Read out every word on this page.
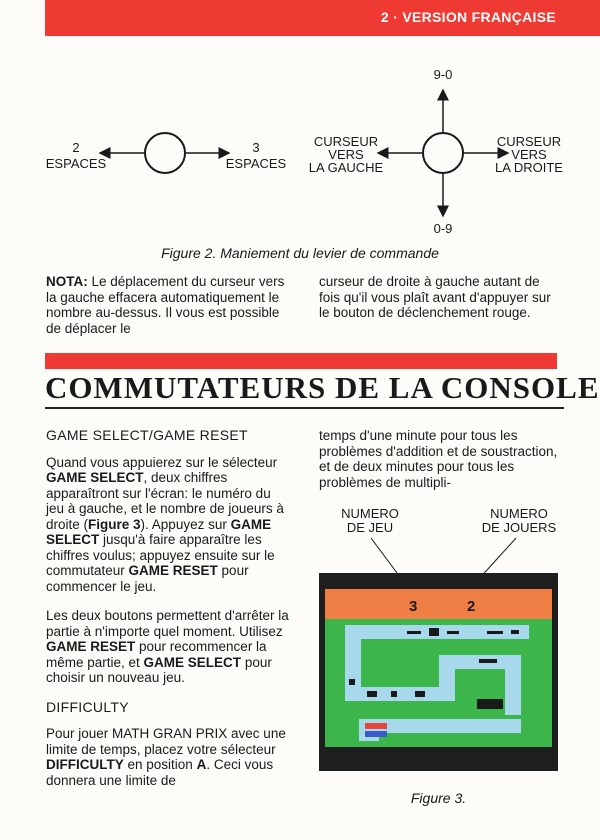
2 · VERSION FRANÇAISE
2
ESPACES
3
ESPACES
9-0
0-9
CURSEUR
VERS
LA GAUCHE
CURSEUR
VERS
LA DROITE
Figure 2. Maniement du levier de commande
NOTA: Le déplacement du curseur vers la gauche effacera automatiquement le nombre au-dessus. Il vous est possible de déplacer le
curseur de droite à gauche autant de fois qu'il vous plaît avant d'appuyer sur le bouton de déclenchement rouge.
COMMUTATEURS DE LA CONSOLE
GAME SELECT/GAME RESET

Quand vous appuierez sur le sélecteur GAME SELECT, deux chiffres apparaîtront sur l'écran: le numéro du jeu à gauche, et le nombre de joueurs à droite (Figure 3). Appuyez sur GAME SELECT jusqu'à faire apparaître les chiffres voulus; appuyez ensuite sur le commutateur GAME RESET pour commencer le jeu.

Les deux boutons permettent d'arrêter la partie à n'importe quel moment. Utilisez GAME RESET pour recommencer la même partie, et GAME SELECT pour choisir un nouveau jeu.

DIFFICULTY

Pour jouer MATH GRAN PRIX avec une limite de temps, placez votre sélecteur DIFFICULTY en position A. Ceci vous donnera une limite de

temps d'une minute pour tous les problèmes d'addition et de soustraction, et de deux minutes pour tous les problèmes de multipli-
NUMERO
DE JEU
NUMERO
DE JOUERS
3	2
Figure 3.
